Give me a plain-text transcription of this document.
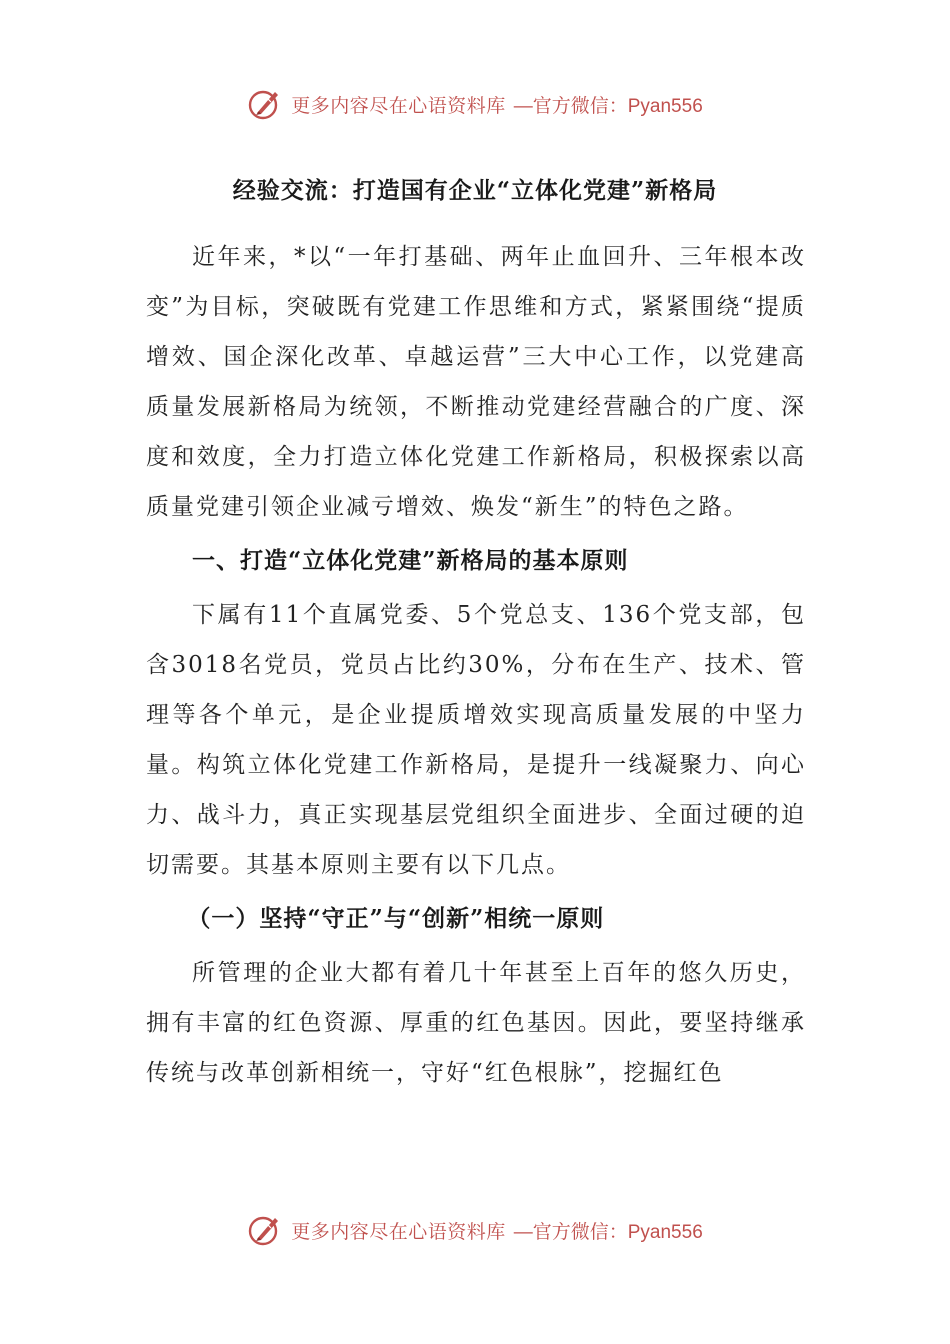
更多内容尽在心语资料库 —官方微信：Pyan556
经验交流：打造国有企业“立体化党建”新格局

近年来，*以“一年打基础、两年止血回升、三年根本改变”为目标，突破既有党建工作思维和方式，紧紧围绕“提质增效、国企深化改革、卓越运营”三大中心工作，以党建高质量发展新格局为统领，不断推动党建经营融合的广度、深度和效度，全力打造立体化党建工作新格局，积极探索以高质量党建引领企业减亏增效、焕发“新生”的特色之路。

一、打造“立体化党建”新格局的基本原则

下属有11个直属党委、5个党总支、136个党支部，包含3018名党员，党员占比约30%，分布在生产、技术、管理等各个单元，是企业提质增效实现高质量发展的中坚力量。构筑立体化党建工作新格局，是提升一线凝聚力、向心力、战斗力，真正实现基层党组织全面进步、全面过硬的迫切需要。其基本原则主要有以下几点。

（一）坚持“守正”与“创新”相统一原则

所管理的企业大都有着几十年甚至上百年的悠久历史，拥有丰富的红色资源、厚重的红色基因。因此，要坚持继承传统与改革创新相统一，守好“红色根脉”，挖掘红色

更多内容尽在心语资料库 —官方微信：Pyan556
